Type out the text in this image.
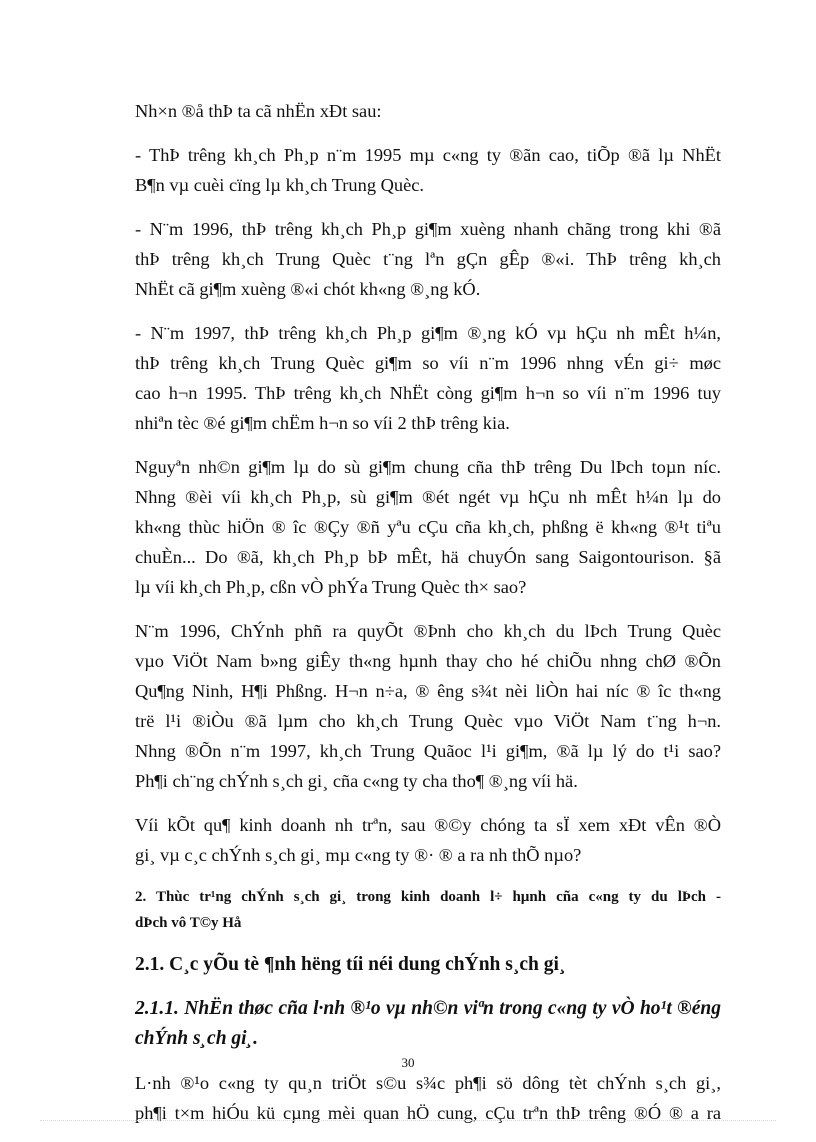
Nh×n ®å thÞ ta cã nhËn xÐt sau:

- ThÞ trêng kh¸ch Ph¸p n¨m 1995 mµ c«ng ty ®ãn cao, tiÕp ®ã lµ NhËt
B¶n vµ cuèi cïng lµ kh¸ch Trung Quèc.

- N¨m 1996, thÞ trêng kh¸ch Ph¸p gi¶m xuèng nhanh chãng trong khi ®ã
thÞ trêng kh¸ch Trung Quèc t¨ng lªn gÇn gÊp ®«i. ThÞ trêng kh¸ch
NhËt cã gi¶m xuèng ®«i chót kh«ng ®¸ng kÓ.

- N¨m 1997, thÞ trêng kh¸ch Ph¸p gi¶m ®¸ng kÓ vµ hÇu nh mÊt h¼n,
thÞ trêng kh¸ch Trung Quèc gi¶m so víi n¨m 1996 nhng vÉn gi÷ møc
cao h¬n 1995. ThÞ trêng kh¸ch NhËt còng gi¶m h¬n so víi n¨m 1996 tuy
nhiªn tèc ®é gi¶m chËm h¬n so víi 2 thÞ trêng kia.

Nguyªn nh©n gi¶m lµ do sù gi¶m chung cña thÞ trêng Du lÞch toµn níc.
Nhng ®èi víi kh¸ch Ph¸p, sù gi¶m ®ét ngét vµ hÇu nh mÊt h¼n lµ do
kh«ng thùc hiÖn ® îc ®Çy ®ñ yªu cÇu cña kh¸ch, phßng ë kh«ng ®¹t tiªu
chuÈn... Do ®ã, kh¸ch Ph¸p bÞ mÊt, hä chuyÓn sang Saigontourison. §ã
lµ víi kh¸ch Ph¸p, cßn vÒ phÝa Trung Quèc th× sao?

N¨m 1996, ChÝnh phñ ra quyÕt ®Þnh cho kh¸ch du lÞch Trung Quèc
vµo ViÖt Nam b»ng giÊy th«ng hµnh thay cho hé chiÕu nhng chØ ®Õn
Qu¶ng Ninh, H¶i Phßng. H¬n n÷a, ® êng s¾t nèi liÒn hai níc ® îc th«ng
trë l¹i ®iÒu ®ã lµm cho kh¸ch Trung Quèc vµo ViÖt Nam t¨ng h¬n.
Nhng ®Õn n¨m 1997, kh¸ch Trung Quãoc l¹i gi¶m, ®ã lµ lý do t¹i sao?
Ph¶i ch¨ng chÝnh s¸ch gi¸ cña c«ng ty cha tho¶ ®¸ng víi hä.

Víi kÕt qu¶ kinh doanh nh trªn, sau ®©y chóng ta sÏ xem xÐt vÊn ®Ò
gi¸ vµ c¸c chÝnh s¸ch gi¸ mµ c«ng ty ®· ® a ra nh thÕ nµo?

2. Thùc tr¹ng chÝnh s¸ch gi¸ trong kinh doanh l÷ hµnh cña c«ng ty du lÞch -
dÞch vô T©y Hå
2.1. C¸c yÕu tè ¶nh hëng tíi néi dung chÝnh s¸ch gi¸
2.1.1. NhËn thøc cña l·nh ®¹o vµ nh©n viªn trong c«ng ty vÒ ho¹t ®éng
chÝnh s¸ch gi¸.

L·nh ®¹o c«ng ty qu¸n triÖt s©u s¾c ph¶i sö dông tèt chÝnh s¸ch gi¸,
ph¶i t×m hiÓu kü cµng mèi quan hÖ cung, cÇu trªn thÞ trêng ®Ó ® a ra

30
